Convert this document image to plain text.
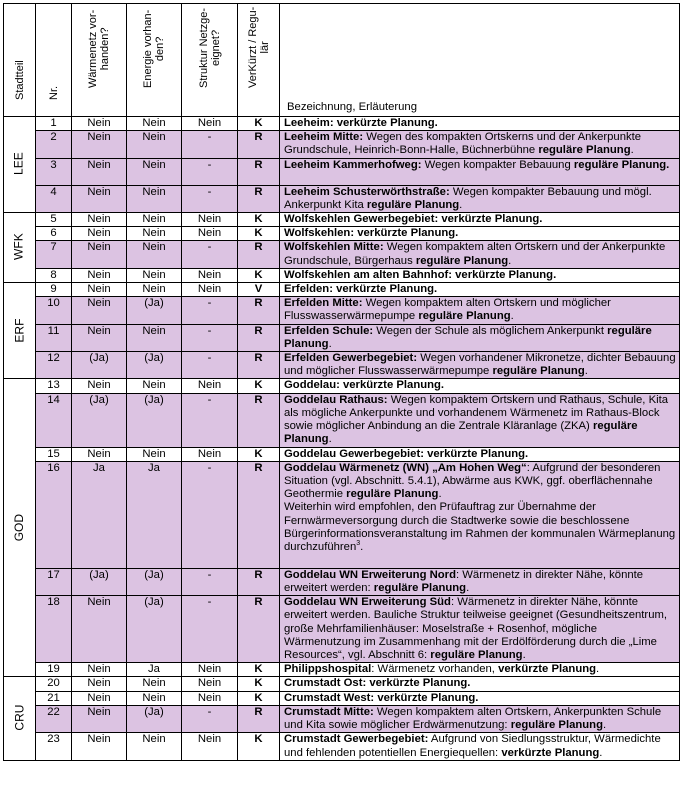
Stadtteil	Nr.	Wärmenetz vor- handen?	Energie vorhan- den?	Struktur Netzge- eignet?	VerKürzt / Regu- lär	Bezeichnung, Erläuterung
LEE	1	Nein	Nein	Nein	K	Leeheim: verkürzte Planung.
	2	Nein	Nein	-	R	Leeheim Mitte: Wegen des kompakten Ortskerns und der Ankerpunkte Grundschule, Heinrich-Bonn-Halle, Büchnerbühne reguläre Planung.
	3	Nein	Nein	-	R	Leeheim Kammerhofweg: Wegen kompakter Bebauung reguläre Planung.
	4	Nein	Nein	-	R	Leeheim Schusterwörthstraße: Wegen kompakter Bebauung und mögl. Ankerpunkt Kita reguläre Planung.
WFK	5	Nein	Nein	Nein	K	Wolfskehlen Gewerbegebiet: verkürzte Planung.
	6	Nein	Nein	Nein	K	Wolfskehlen: verkürzte Planung.
	7	Nein	Nein	-	R	Wolfskehlen Mitte: Wegen kompaktem alten Ortskern und der Ankerpunkte Grundschule, Bürgerhaus reguläre Planung.
	8	Nein	Nein	Nein	K	Wolfskehlen am alten Bahnhof: verkürzte Planung.
ERF	9	Nein	Nein	Nein	V	Erfelden: verkürzte Planung.
	10	Nein	(Ja)	-	R	Erfelden Mitte: Wegen kompaktem alten Ortskern und möglicher Flusswasserwärmepumpe reguläre Planung.
	11	Nein	Nein	-	R	Erfelden Schule: Wegen der Schule als möglichem Ankerpunkt reguläre Planung.
	12	(Ja)	(Ja)	-	R	Erfelden Gewerbegebiet: Wegen vorhandener Mikronetze, dichter Bebauung und möglicher Flusswasserwärmepumpe reguläre Planung.
GOD	13	Nein	Nein	Nein	K	Goddelau: verkürzte Planung.
	14	(Ja)	(Ja)	-	R	Goddelau Rathaus: Wegen kompaktem Ortskern und Rathaus, Schule, Kita als mögliche Ankerpunkte und vorhandenem Wärmenetz im Rathaus-Block sowie möglicher Anbindung an die Zentrale Kläranlage (ZKA) reguläre Planung.
	15	Nein	Nein	Nein	K	Goddelau Gewerbegebiet: verkürzte Planung.
	16	Ja	Ja	-	R	Goddelau Wärmenetz (WN) „Am Hohen Weg“: Aufgrund der besonderen Situation (vgl. Abschnitt. 5.4.1), Abwärme aus KWK, ggf. oberflächennahe Geothermie reguläre Planung.
Weiterhin wird empfohlen, den Prüfauftrag zur Übernahme der Fernwärmeversorgung durch die Stadtwerke sowie die beschlossene Bürgerinformationsveranstaltung im Rahmen der kommunalen Wärmeplanung durchzuführen$^3$.
	17	(Ja)	(Ja)	-	R	Goddelau WN Erweiterung Nord: Wärmenetz in direkter Nähe, könnte erweitert werden: reguläre Planung.
	18	Nein	(Ja)	-	R	Goddelau WN Erweiterung Süd: Wärmenetz in direkter Nähe, könnte erweitert werden. Bauliche Struktur teilweise geeignet (Gesundheitszentrum, große Mehrfamilienhäuser: Moselstraße + Rosenhof, mögliche Wärmenutzung im Zusammenhang mit der Erdölförderung durch die „Lime Resources“, vgl. Abschnitt 6: reguläre Planung.
	19	Nein	Ja	Nein	K	Philippshospital: Wärmenetz vorhanden, verkürzte Planung.
CRU	20	Nein	Nein	Nein	K	Crumstadt Ost: verkürzte Planung.
	21	Nein	Nein	Nein	K	Crumstadt West: verkürzte Planung.
	22	Nein	(Ja)	-	R	Crumstadt Mitte: Wegen kompaktem alten Ortskern, Ankerpunkten Schule und Kita sowie möglicher Erdwärmenutzung: reguläre Planung.
	23	Nein	Nein	Nein	K	Crumstadt Gewerbegebiet: Aufgrund von Siedlungsstruktur, Wärmedichte und fehlenden potentiellen Energiequellen: verkürzte Planung.
